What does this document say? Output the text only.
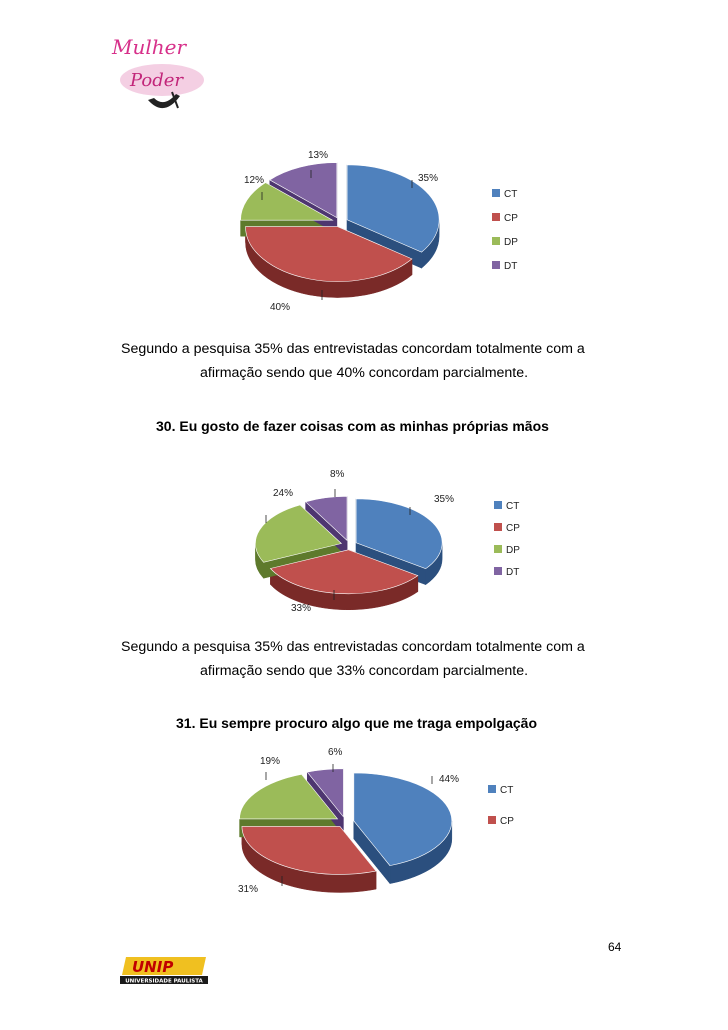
Mulher
Poder
35%
40%
12%
13%
CT
CP
DP
DT
Segundo a pesquisa 35% das entrevistadas concordam totalmente com a
afirmação sendo que 40% concordam parcialmente.
30. Eu gosto de fazer coisas com as minhas próprias mãos
35%
33%
24%
8%
CT
CP
DP
DT
Segundo a pesquisa 35% das entrevistadas concordam totalmente com a
afirmação sendo que 33% concordam parcialmente.
31. Eu sempre procuro algo que me traga empolgação
44%
31%
19%
6%
CT
CP
64
UNIP
UNIVERSIDADE PAULISTA
